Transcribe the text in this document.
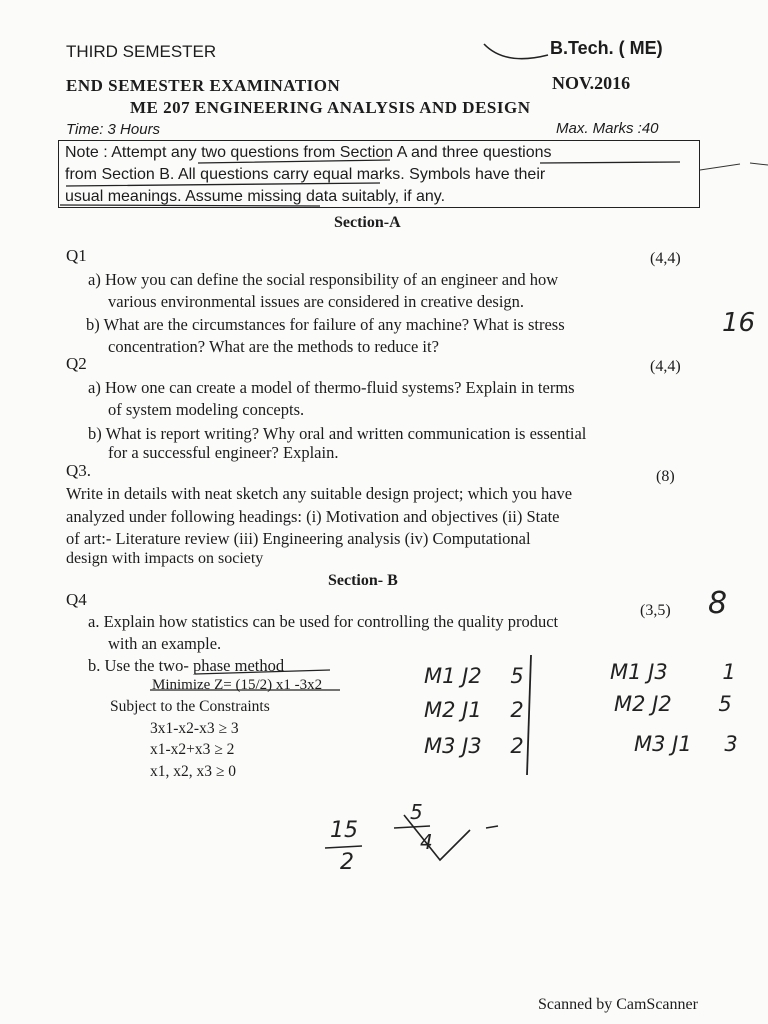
THIRD SEMESTER	B.Tech. ( ME)
END SEMESTER EXAMINATION	NOV.2016
ME 207 ENGINEERING ANALYSIS AND DESIGN
Time: 3 Hours	Max. Marks :40
Note : Attempt any two questions from Section A and three questions
from Section B. All questions carry equal marks. Symbols have their
usual meanings. Assume missing data suitably, if any.
Section-A
Q1	(4,4)
a) How you can define the social responsibility of an engineer and how
various environmental issues are considered in creative design.
b) What are the circumstances for failure of any machine? What is stress
concentration? What are the methods to reduce it?
Q2	(4,4)
a) How one can create a model of thermo-fluid systems? Explain in terms
of system modeling concepts.
b) What is report writing? Why oral and written communication is essential
for a successful engineer? Explain.
Q3.	(8)
Write in details with neat sketch any suitable design project; which you have
analyzed under following headings: (i) Motivation and objectives (ii) State
of art:- Literature review (iii) Engineering analysis (iv) Computational
design with impacts on society
Section- B
Q4
(3,5)
a. Explain how statistics can be used for controlling the quality product
with an example.
b. Use the two- phase method
Minimize Z= (15/2) x1 -3x2
Subject to the Constraints
3x1-x2-x3 ≥ 3
x1-x2+x3 ≥ 2
x1, x2, x3 ≥ 0
16
8
M1 J2 5
M2 J1 2
M3 J3 2
M1 J3	1
M2 J2 5
M3 J1 3
15
2
5
4
Scanned by CamScanner
